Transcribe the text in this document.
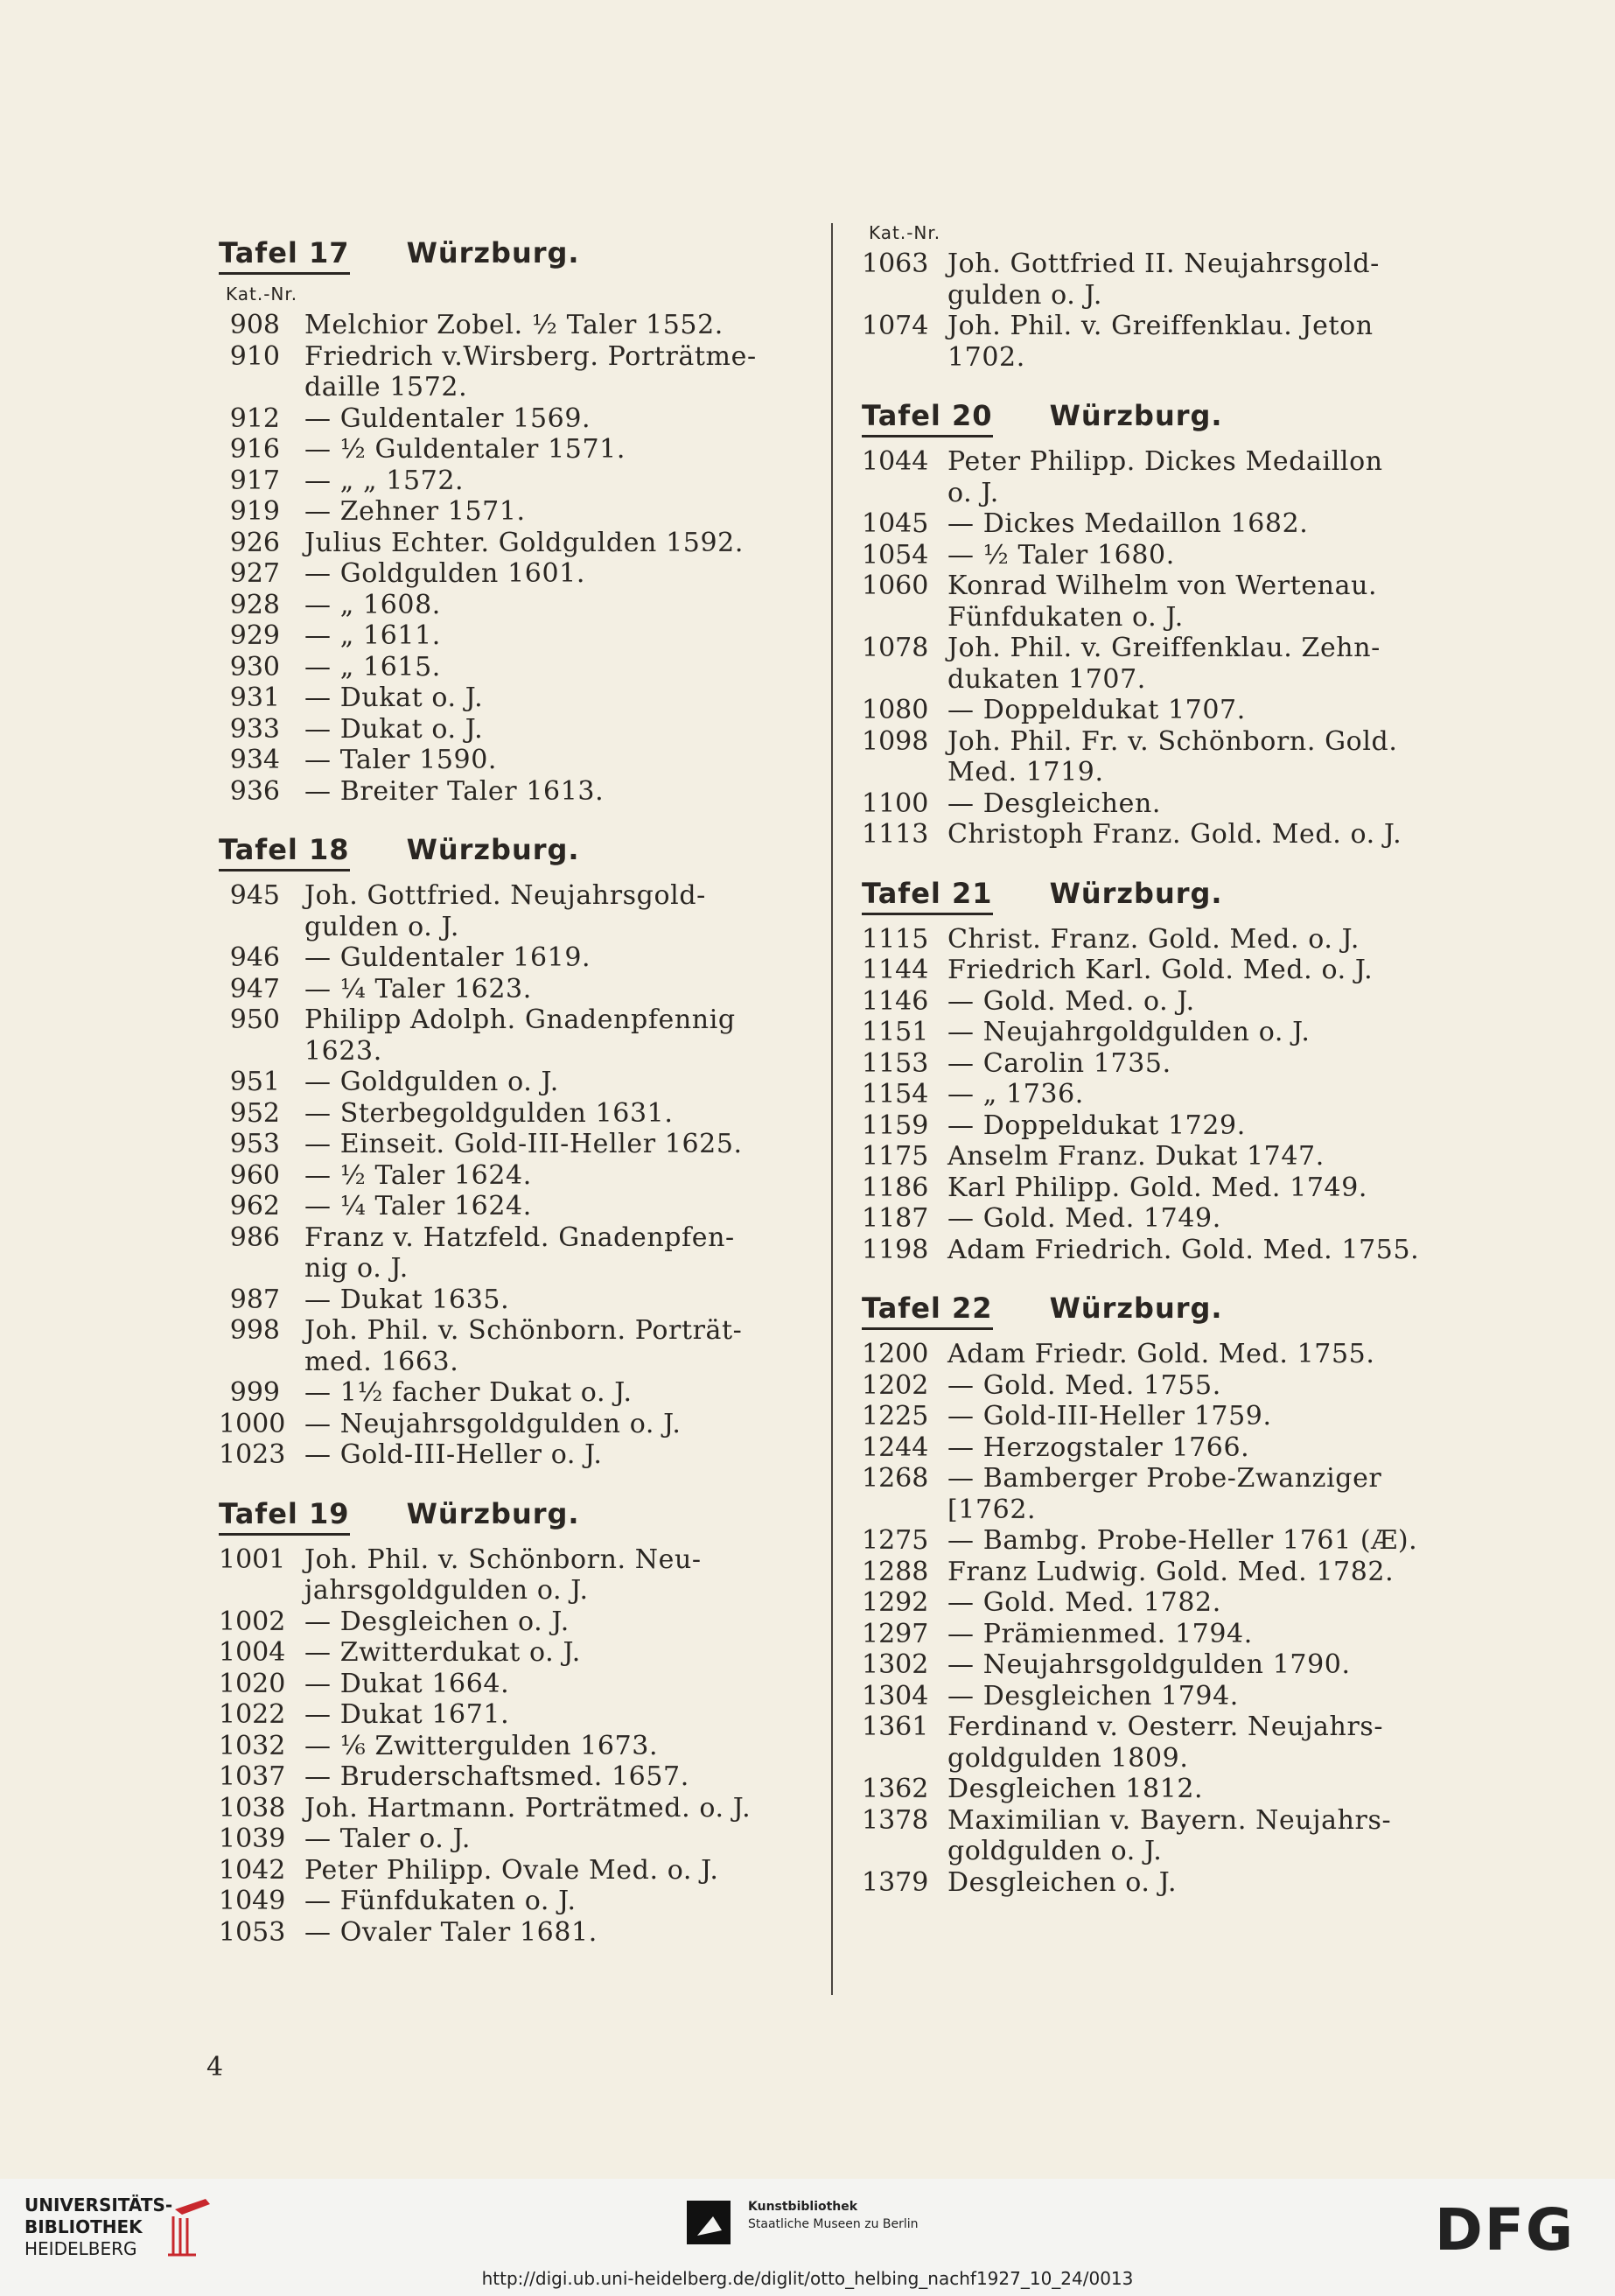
Tafel 17 Würzburg.
Kat.-Nr.
908 Melchior Zobel. ½ Taler 1552.
910 Friedrich v.Wirsberg. Porträtme-
daille 1572.
912 — Guldentaler 1569.
916 — ½ Guldentaler 1571.
917 — „ „ 1572.
919 — Zehner 1571.
926 Julius Echter. Goldgulden 1592.
927 — Goldgulden 1601.
928 — „ 1608.
929 — „ 1611.
930 — „ 1615.
931 — Dukat o. J.
933 — Dukat o. J.
934 — Taler 1590.
936 — Breiter Taler 1613.
Tafel 18 Würzburg.
945 Joh. Gottfried. Neujahrsgold-
gulden o. J.
946 — Guldentaler 1619.
947 — ¼ Taler 1623.
950 Philipp Adolph. Gnadenpfennig
1623.
951 — Goldgulden o. J.
952 — Sterbegoldgulden 1631.
953 — Einseit. Gold-III-Heller 1625.
960 — ½ Taler 1624.
962 — ¼ Taler 1624.
986 Franz v. Hatzfeld. Gnadenpfen-
nig o. J.
987 — Dukat 1635.
998 Joh. Phil. v. Schönborn. Porträt-
med. 1663.
999 — 1½ facher Dukat o. J.
1000 — Neujahrsgoldgulden o. J.
1023 — Gold-III-Heller o. J.
Tafel 19 Würzburg.
1001 Joh. Phil. v. Schönborn. Neu-
jahrsgoldgulden o. J.
1002 — Desgleichen o. J.
1004 — Zwitterdukat o. J.
1020 — Dukat 1664.
1022 — Dukat 1671.
1032 — ⅙ Zwittergulden 1673.
1037 — Bruderschaftsmed. 1657.
1038 Joh. Hartmann. Porträtmed. o. J.
1039 — Taler o. J.
1042 Peter Philipp. Ovale Med. o. J.
1049 — Fünfdukaten o. J.
1053 — Ovaler Taler 1681.
Kat.-Nr.
1063 Joh. Gottfried II. Neujahrsgold-
gulden o. J.
1074 Joh. Phil. v. Greiffenklau. Jeton
1702.
Tafel 20 Würzburg.
1044 Peter Philipp. Dickes Medaillon
o. J.
1045 — Dickes Medaillon 1682.
1054 — ½ Taler 1680.
1060 Konrad Wilhelm von Wertenau.
Fünfdukaten o. J.
1078 Joh. Phil. v. Greiffenklau. Zehn-
dukaten 1707.
1080 — Doppeldukat 1707.
1098 Joh. Phil. Fr. v. Schönborn. Gold.
Med. 1719.
1100 — Desgleichen.
1113 Christoph Franz. Gold. Med. o. J.
Tafel 21 Würzburg.
1115 Christ. Franz. Gold. Med. o. J.
1144 Friedrich Karl. Gold. Med. o. J.
1146 — Gold. Med. o. J.
1151 — Neujahrgoldgulden o. J.
1153 — Carolin 1735.
1154 — „ 1736.
1159 — Doppeldukat 1729.
1175 Anselm Franz. Dukat 1747.
1186 Karl Philipp. Gold. Med. 1749.
1187 — Gold. Med. 1749.
1198 Adam Friedrich. Gold. Med. 1755.
Tafel 22 Würzburg.
1200 Adam Friedr. Gold. Med. 1755.
1202 — Gold. Med. 1755.
1225 — Gold-III-Heller 1759.
1244 — Herzogstaler 1766.
1268 — Bamberger Probe-Zwanziger
[1762.
1275 — Bambg. Probe-Heller 1761 (Æ).
1288 Franz Ludwig. Gold. Med. 1782.
1292 — Gold. Med. 1782.
1297 — Prämienmed. 1794.
1302 — Neujahrsgoldgulden 1790.
1304 — Desgleichen 1794.
1361 Ferdinand v. Oesterr. Neujahrs-
goldgulden 1809.
1362 Desgleichen 1812.
1378 Maximilian v. Bayern. Neujahrs-
goldgulden o. J.
1379 Desgleichen o. J.
4
UNIVERSITÄTS-
BIBLIOTHEK
HEIDELBERG
Kunstbibliothek
Staatliche Museen zu Berlin	DFG
http://digi.ub.uni-heidelberg.de/diglit/otto_helbing_nachf1927_10_24/0013
